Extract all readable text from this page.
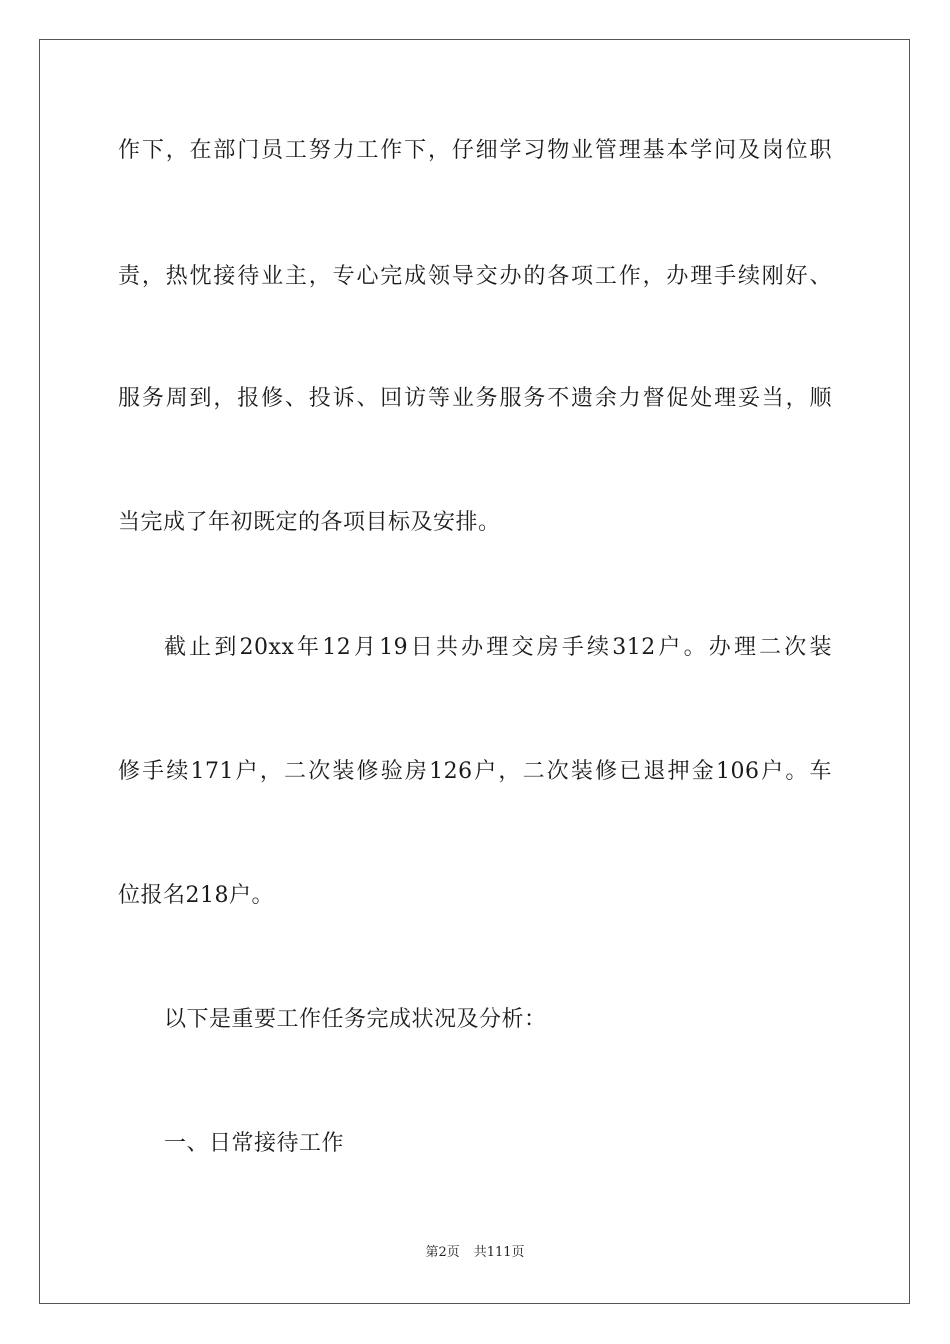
作下，在部门员工努力工作下，仔细学习物业管理基本学问及岗位职
责，热忱接待业主，专心完成领导交办的各项工作，办理手续刚好、
服务周到，报修、投诉、回访等业务服务不遗余力督促处理妥当，顺
当完成了年初既定的各项目标及安排。
截止到20xx年12月19日共办理交房手续312户。办理二次装
修手续171户，二次装修验房126户，二次装修已退押金106户。车
位报名218户。
以下是重要工作任务完成状况及分析：
一、日常接待工作
第2页 共111页
